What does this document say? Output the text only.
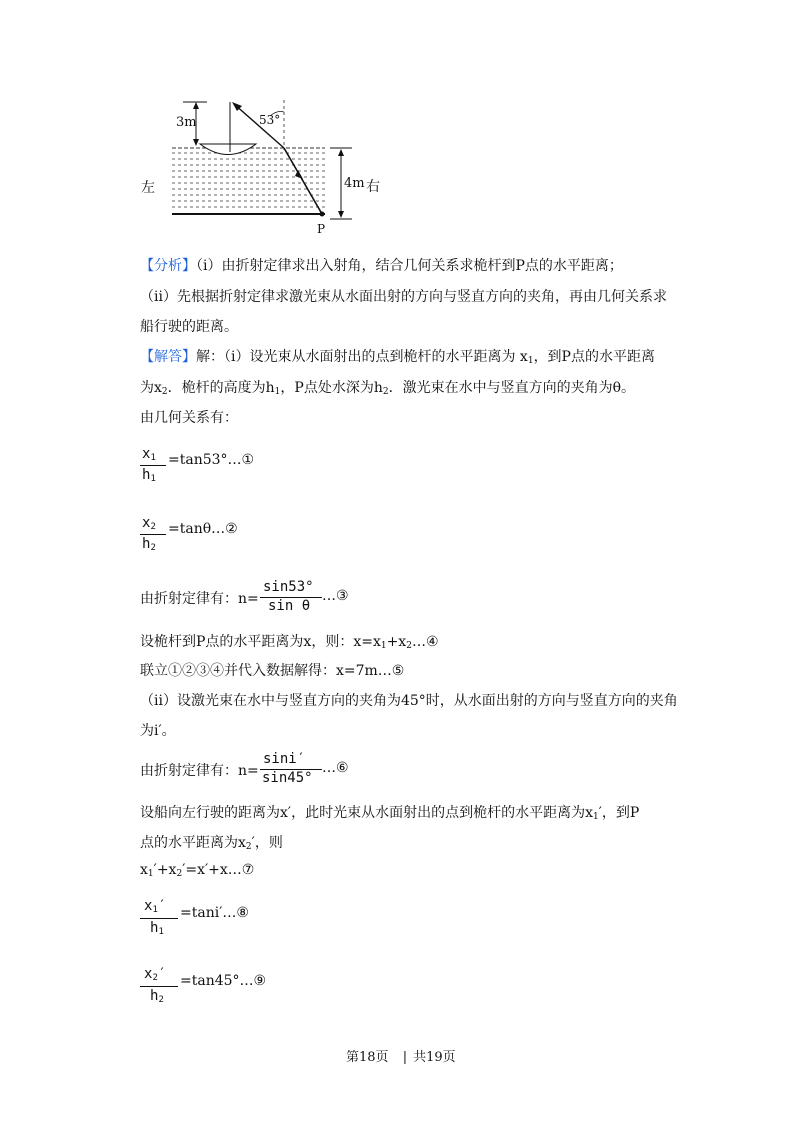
3m	53°
左	4m 右
P
【分析】（i）由折射定律求出入射角，结合几何关系求桅杆到P点的水平距离；
（ii）先根据折射定律求激光束从水面出射的方向与竖直方向的夹角，再由几何关系求
船行驶的距离。
【解答】解：（i）设光束从水面射出的点到桅杆的水平距离为 $x_1$，到P点的水平距离
为$x_2$．桅杆的高度为$h_1$，P点处水深为$h_2$．激光束在水中与竖直方向的夹角为θ。
由几何关系有：
$x_1$
$h_1$
=tan53°…①
$x_2$
$h_2$
=tanθ…②
由折射定律有：n=
sin53°
sin θ
…③
设桅杆到P点的水平距离为x，则：$x=x_1+x_2\dots ④$
联立①②③④并代入数据解得：x=7m…⑤
（ii）设激光束在水中与竖直方向的夹角为45°时，从水面出射的方向与竖直方向的夹角
为i′。
由折射定律有：n=
sini′
sin45°
…⑥
设船向左行驶的距离为x′，此时光束从水面射出的点到桅杆的水平距离为$x_1'$，到P
点的水平距离为$x_2'$，则
$x_1'+x_2'=x'+x\dots ⑦$
$x_1'$
$h_1$
=tani′…⑧
$x_2'$
$h_2$
=tan45°…⑨
第18页 | 共19页
